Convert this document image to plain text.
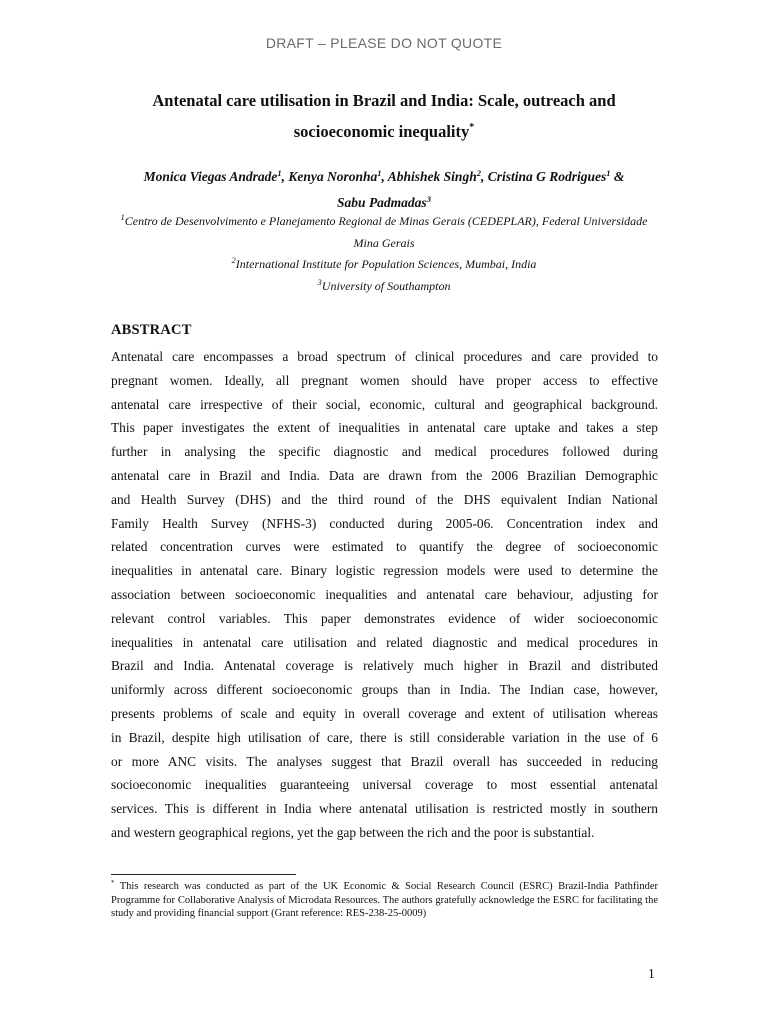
DRAFT – PLEASE DO NOT QUOTE
Antenatal care utilisation in Brazil and India: Scale, outreach and
socioeconomic inequality*
Monica Viegas Andrade$^1$, Kenya Noronha$^1$, Abhishek Singh$^2$, Cristina G Rodrigues$^1$ &
Sabu Padmadas$^3$
$^1$Centro de Desenvolvimento e Planejamento Regional de Minas Gerais (CEDEPLAR), Federal Universidade Mina Gerais
$^2$International Institute for Population Sciences, Mumbai, India
$^3$University of Southampton
ABSTRACT
Antenatal care encompasses a broad spectrum of clinical procedures and care provided to
pregnant women. Ideally, all pregnant women should have proper access to effective
antenatal care irrespective of their social, economic, cultural and geographical background.
This paper investigates the extent of inequalities in antenatal care uptake and takes a step
further in analysing the specific diagnostic and medical procedures followed during
antenatal care in Brazil and India. Data are drawn from the 2006 Brazilian Demographic
and Health Survey (DHS) and the third round of the DHS equivalent Indian National
Family Health Survey (NFHS-3) conducted during 2005-06. Concentration index and
related concentration curves were estimated to quantify the degree of socioeconomic
inequalities in antenatal care. Binary logistic regression models were used to determine the
association between socioeconomic inequalities and antenatal care behaviour, adjusting for
relevant control variables. This paper demonstrates evidence of wider socioeconomic
inequalities in antenatal care utilisation and related diagnostic and medical procedures in
Brazil and India. Antenatal coverage is relatively much higher in Brazil and distributed
uniformly across different socioeconomic groups than in India. The Indian case, however,
presents problems of scale and equity in overall coverage and extent of utilisation whereas
in Brazil, despite high utilisation of care, there is still considerable variation in the use of 6
or more ANC visits. The analyses suggest that Brazil overall has succeeded in reducing
socioeconomic inequalities guaranteeing universal coverage to most essential antenatal
services. This is different in India where antenatal utilisation is restricted mostly in southern
and western geographical regions, yet the gap between the rich and the poor is substantial.
* This research was conducted as part of the UK Economic & Social Research Council (ESRC) Brazil-India Pathfinder Programme for Collaborative Analysis of Microdata Resources. The authors gratefully acknowledge the ESRC for facilitating the study and providing financial support (Grant reference: RES-238-25-0009)
1
